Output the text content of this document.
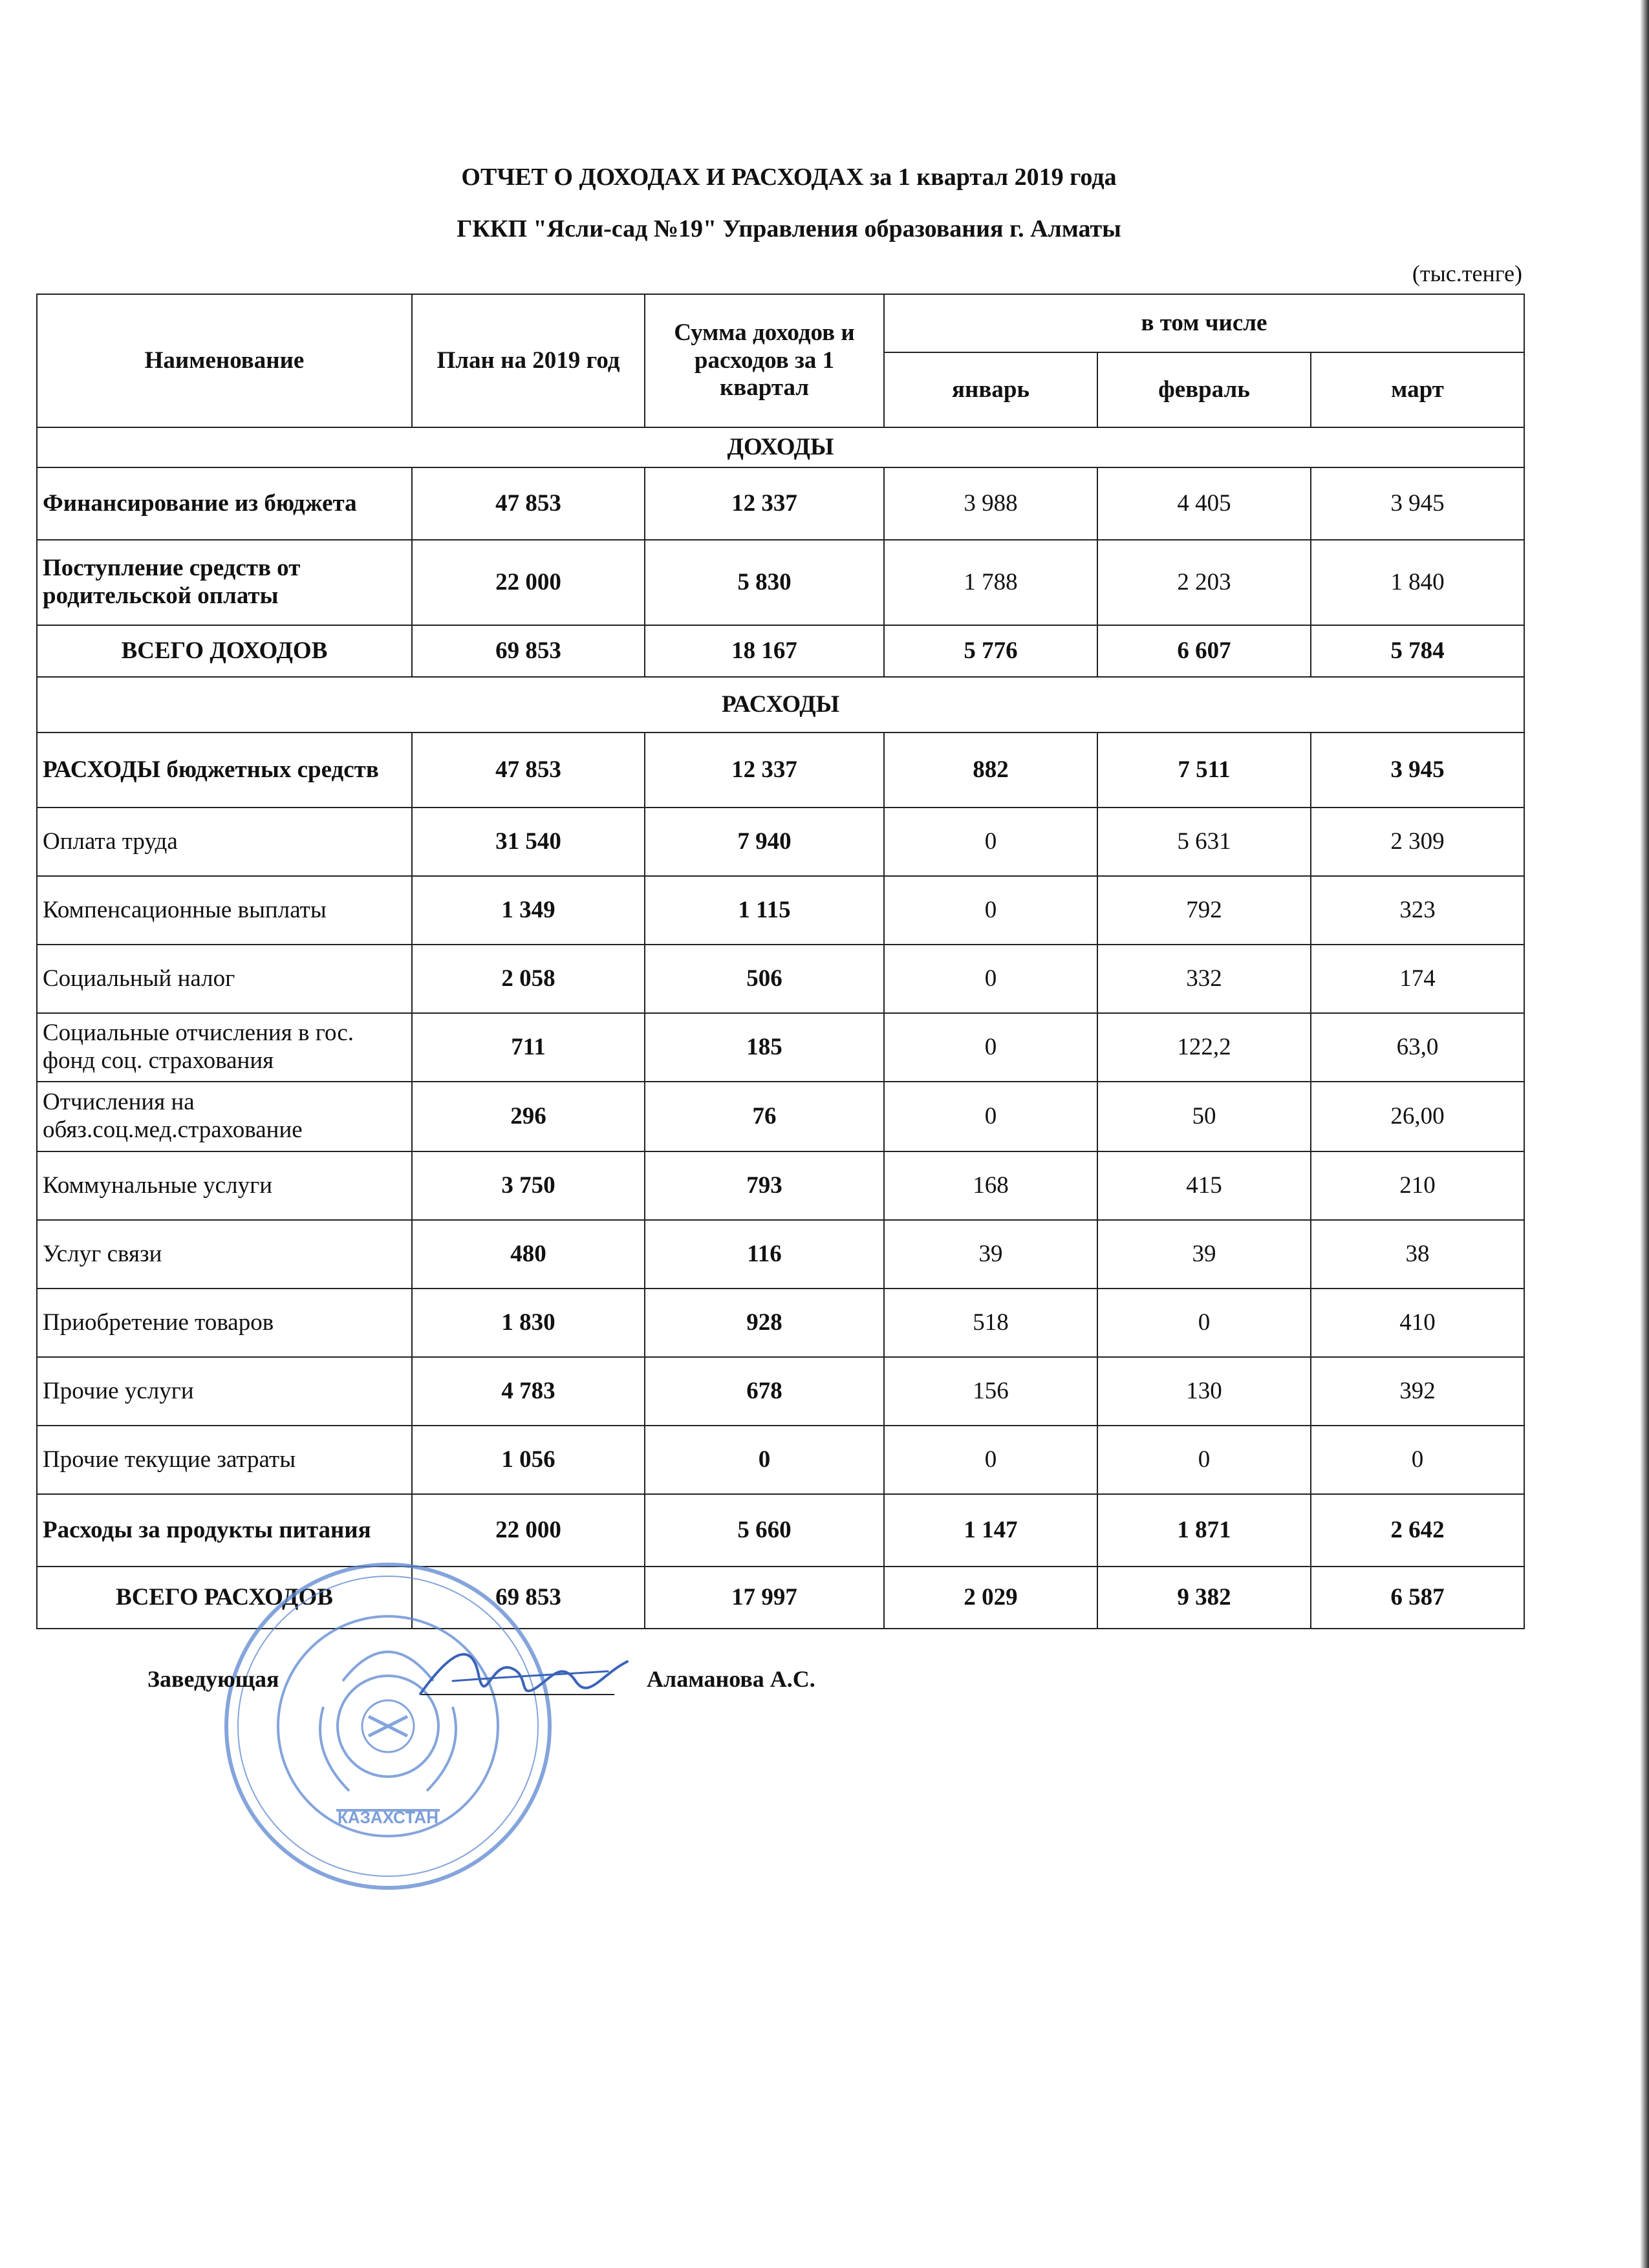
ОТЧЕТ О ДОХОДАХ И РАСХОДАХ за 1 квартал 2019 года
ГККП "Ясли-сад №19" Управления образования г. Алматы
(тыс.тенге)
Наименование	План на 2019 год	Сумма доходов и расходов за 1 квартал	в том числе		
			январь	февраль	март
ДОХОДЫ					
Финансирование из бюджета	47 853	12 337	3 988	4 405	3 945
Поступление средств от родительской оплаты	22 000	5 830	1 788	2 203	1 840
ВСЕГО ДОХОДОВ	69 853	18 167	5 776	6 607	5 784
РАСХОДЫ					
РАСХОДЫ бюджетных средств	47 853	12 337	882	7 511	3 945
Оплата труда	31 540	7 940	0	5 631	2 309
Компенсационные выплаты	1 349	1 115	0	792	323
Социальный налог	2 058	506	0	332	174
Социальные отчисления в гос. фонд соц. страхования	711	185	0	122,2	63,0
Отчисления на обяз.соц.мед.страхование	296	76	0	50	26,00
Коммунальные услуги	3 750	793	168	415	210
Услуг связи	480	116	39	39	38
Приобретение товаров	1 830	928	518	0	410
Прочие услуги	4 783	678	156	130	392
Прочие текущие затраты	1 056	0	0	0	0
Расходы за продукты питания	22 000	5 660	1 147	1 871	2 642
ВСЕГО РАСХОДОВ	69 853	17 997	2 029	9 382	6 587
КАЗАХСТАН
Заведующая	Аламанова А.С.
